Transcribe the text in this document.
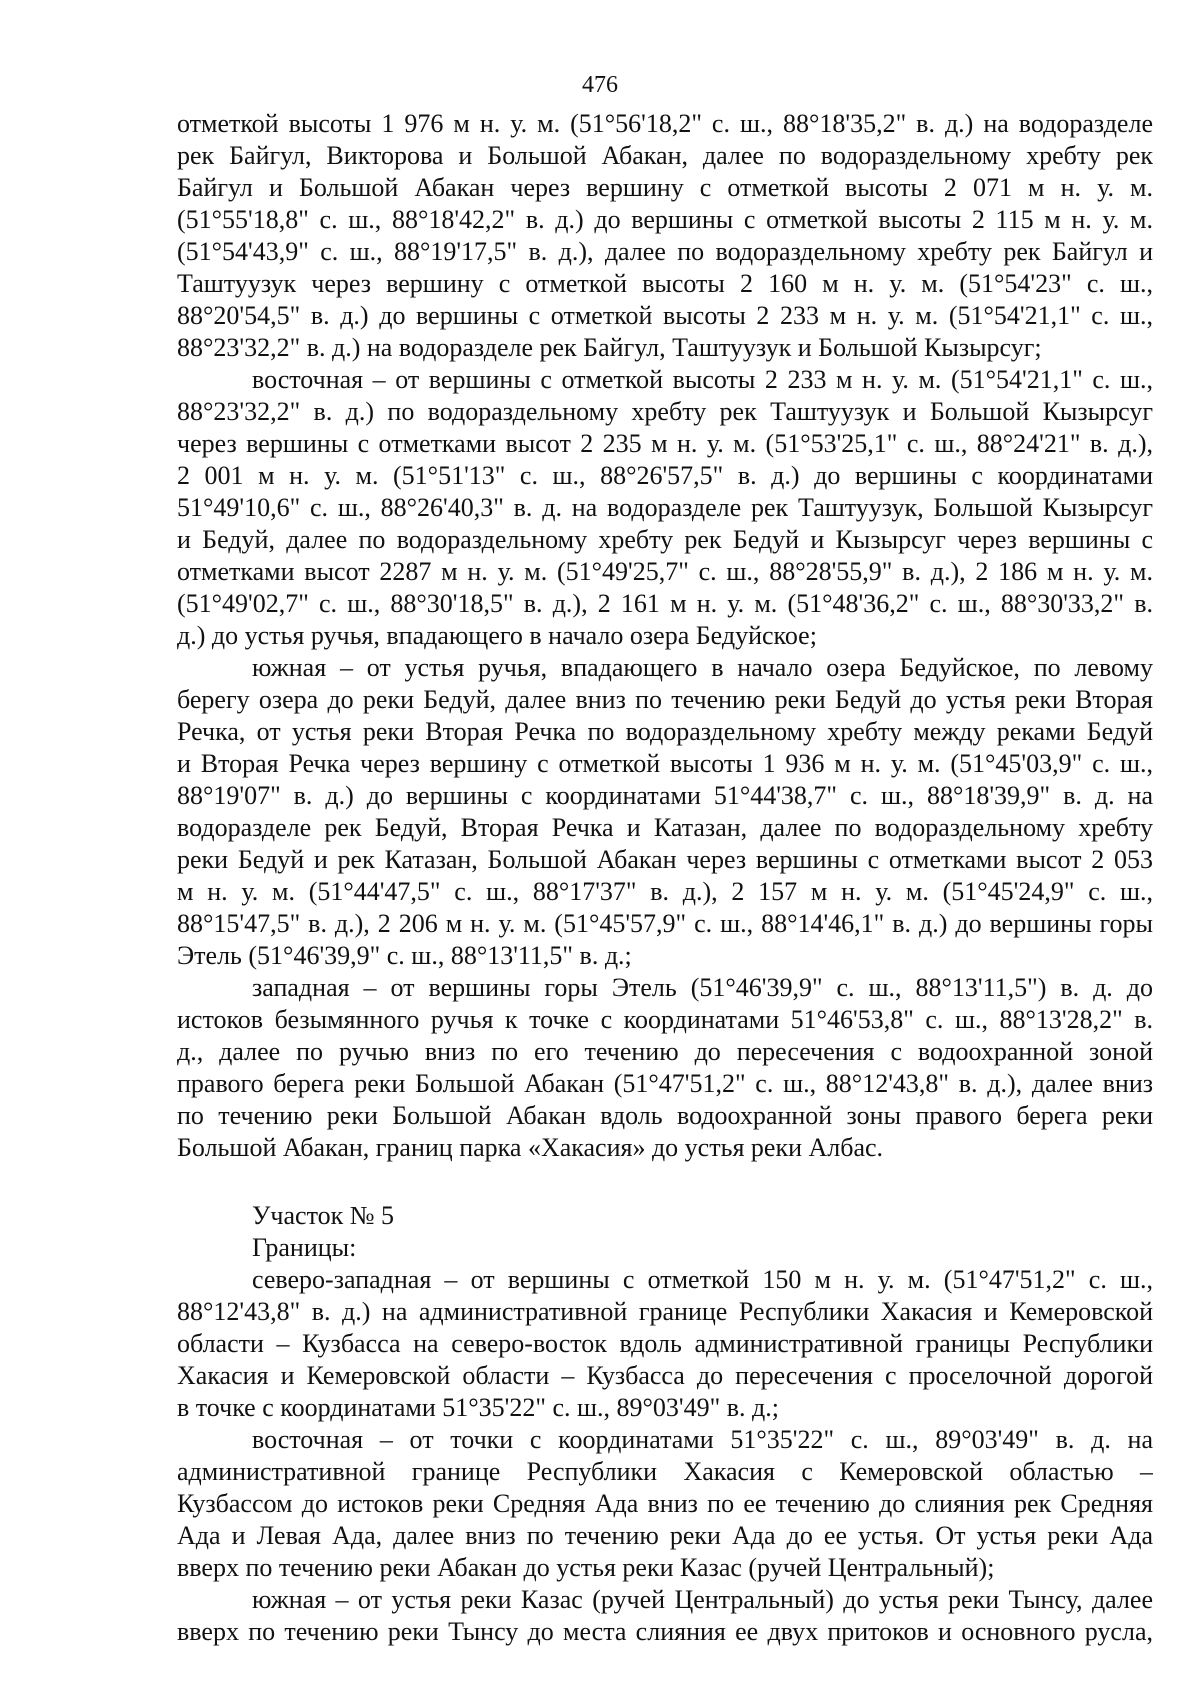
476
отметкой высоты 1 976 м н. у. м. (51°56'18,2" с. ш., 88°18'35,2" в. д.) на водоразделе
рек Байгул, Викторова и Большой Абакан, далее по водораздельному хребту рек
Байгул и Большой Абакан через вершину с отметкой высоты 2 071 м н. у. м.
(51°55'18,8" с. ш., 88°18'42,2" в. д.) до вершины с отметкой высоты 2 115 м н. у. м.
(51°54'43,9" с. ш., 88°19'17,5" в. д.), далее по водораздельному хребту рек Байгул и
Таштуузук через вершину с отметкой высоты 2 160 м н. у. м. (51°54'23" с. ш.,
88°20'54,5" в. д.) до вершины с отметкой высоты 2 233 м н. у. м. (51°54'21,1" с. ш.,
88°23'32,2" в. д.) на водоразделе рек Байгул, Таштуузук и Большой Кызырсуг;
восточная – от вершины с отметкой высоты 2 233 м н. у. м. (51°54'21,1" с. ш.,
88°23'32,2" в. д.) по водораздельному хребту рек Таштуузук и Большой Кызырсуг
через вершины с отметками высот 2 235 м н. у. м. (51°53'25,1" с. ш., 88°24'21" в. д.),
2 001 м н. у. м. (51°51'13" с. ш., 88°26'57,5" в. д.) до вершины с координатами
51°49'10,6" с. ш., 88°26'40,3" в. д. на водоразделе рек Таштуузук, Большой Кызырсуг
и Бедуй, далее по водораздельному хребту рек Бедуй и Кызырсуг через вершины с
отметками высот 2287 м н. у. м. (51°49'25,7" с. ш., 88°28'55,9" в. д.), 2 186 м н. у. м.
(51°49'02,7" с. ш., 88°30'18,5" в. д.), 2 161 м н. у. м. (51°48'36,2" с. ш., 88°30'33,2" в.
д.) до устья ручья, впадающего в начало озера Бедуйское;
южная – от устья ручья, впадающего в начало озера Бедуйское, по левому
берегу озера до реки Бедуй, далее вниз по течению реки Бедуй до устья реки Вторая
Речка, от устья реки Вторая Речка по водораздельному хребту между реками Бедуй
и Вторая Речка через вершину с отметкой высоты 1 936 м н. у. м. (51°45'03,9" с. ш.,
88°19'07" в. д.) до вершины с координатами 51°44'38,7" с. ш., 88°18'39,9" в. д. на
водоразделе рек Бедуй, Вторая Речка и Катазан, далее по водораздельному хребту
реки Бедуй и рек Катазан, Большой Абакан через вершины с отметками высот 2 053
м н. у. м. (51°44'47,5" с. ш., 88°17'37" в. д.), 2 157 м н. у. м. (51°45'24,9" с. ш.,
88°15'47,5" в. д.), 2 206 м н. у. м. (51°45'57,9" с. ш., 88°14'46,1" в. д.) до вершины горы
Этель (51°46'39,9" с. ш., 88°13'11,5" в. д.;
западная – от вершины горы Этель (51°46'39,9" с. ш., 88°13'11,5") в. д. до
истоков безымянного ручья к точке с координатами 51°46'53,8" с. ш., 88°13'28,2" в.
д., далее по ручью вниз по его течению до пересечения с водоохранной зоной
правого берега реки Большой Абакан (51°47'51,2" с. ш., 88°12'43,8" в. д.), далее вниз
по течению реки Большой Абакан вдоль водоохранной зоны правого берега реки
Большой Абакан, границ парка «Хакасия» до устья реки Албас.
Участок № 5
Границы:
северо-западная – от вершины с отметкой 150 м н. у. м. (51°47'51,2" с. ш.,
88°12'43,8" в. д.) на административной границе Республики Хакасия и Кемеровской
области – Кузбасса на северо-восток вдоль административной границы Республики
Хакасия и Кемеровской области – Кузбасса до пересечения с проселочной дорогой
в точке с координатами 51°35'22" с. ш., 89°03'49" в. д.;
восточная – от точки с координатами 51°35'22" с. ш., 89°03'49" в. д. на
административной границе Республики Хакасия с Кемеровской областью –
Кузбассом до истоков реки Средняя Ада вниз по ее течению до слияния рек Средняя
Ада и Левая Ада, далее вниз по течению реки Ада до ее устья. От устья реки Ада
вверх по течению реки Абакан до устья реки Казас (ручей Центральный);
южная – от устья реки Казас (ручей Центральный) до устья реки Тынсу, далее
вверх по течению реки Тынсу до места слияния ее двух притоков и основного русла,
